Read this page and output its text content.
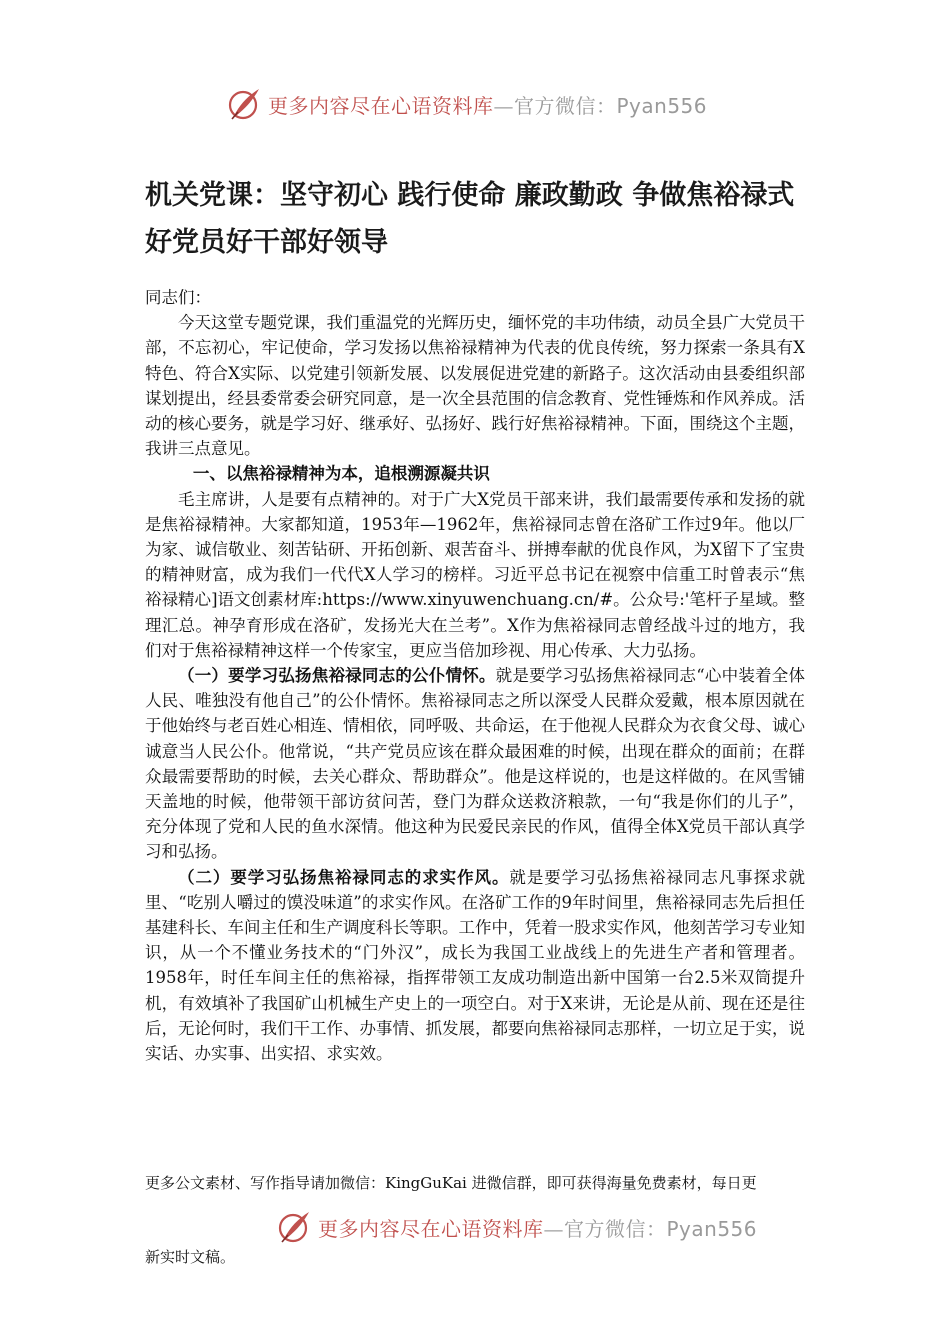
更多内容尽在心语资料库—官方微信：Pyan556
机关党课：坚守初心 践行使命 廉政勤政 争做焦裕禄式好党员好干部好领导

同志们：

今天这堂专题党课，我们重温党的光辉历史，缅怀党的丰功伟绩，动员全县广大党员干部，不忘初心，牢记使命，学习发扬以焦裕禄精神为代表的优良传统，努力探索一条具有X特色、符合X实际、以党建引领新发展、以发展促进党建的新路子。这次活动由县委组织部谋划提出，经县委常委会研究同意，是一次全县范围的信念教育、党性锤炼和作风养成。活动的核心要务，就是学习好、继承好、弘扬好、践行好焦裕禄精神。下面，围绕这个主题，我讲三点意见。

一、以焦裕禄精神为本，追根溯源凝共识

毛主席讲，人是要有点精神的。对于广大X党员干部来讲，我们最需要传承和发扬的就是焦裕禄精神。大家都知道，1953年—1962年，焦裕禄同志曾在洛矿工作过9年。他以厂为家、诚信敬业、刻苦钻研、开拓创新、艰苦奋斗、拼搏奉献的优良作风，为X留下了宝贵的精神财富，成为我们一代代X人学习的榜样。习近平总书记在视察中信重工时曾表示“焦裕禄精心]语文创素材库:https://www.xinyuwenchuang.cn/#。公众号:'笔杆子星域。整理汇总。神孕育形成在洛矿，发扬光大在兰考”。X作为焦裕禄同志曾经战斗过的地方，我们对于焦裕禄精神这样一个传家宝，更应当倍加珍视、用心传承、大力弘扬。

（一）要学习弘扬焦裕禄同志的公仆情怀。就是要学习弘扬焦裕禄同志“心中装着全体人民、唯独没有他自己”的公仆情怀。焦裕禄同志之所以深受人民群众爱戴，根本原因就在于他始终与老百姓心相连、情相依，同呼吸、共命运，在于他视人民群众为衣食父母、诚心诚意当人民公仆。他常说，“共产党员应该在群众最困难的时候，出现在群众的面前；在群众最需要帮助的时候，去关心群众、帮助群众”。他是这样说的，也是这样做的。在风雪铺天盖地的时候，他带领干部访贫问苦，登门为群众送救济粮款，一句“我是你们的儿子”，充分体现了党和人民的鱼水深情。他这种为民爱民亲民的作风，值得全体X党员干部认真学习和弘扬。

（二）要学习弘扬焦裕禄同志的求实作风。就是要学习弘扬焦裕禄同志凡事探求就里、“吃别人嚼过的馍没味道”的求实作风。在洛矿工作的9年时间里，焦裕禄同志先后担任基建科长、车间主任和生产调度科长等职。工作中，凭着一股求实作风，他刻苦学习专业知识，从一个不懂业务技术的“门外汉”，成长为我国工业战线上的先进生产者和管理者。1958年，时任车间主任的焦裕禄，指挥带领工友成功制造出新中国第一台2.5米双筒提升机，有效填补了我国矿山机械生产史上的一项空白。对于X来讲，无论是从前、现在还是往后，无论何时，我们干工作、办事情、抓发展，都要向焦裕禄同志那样，一切立足于实，说实话、办实事、出实招、求实效。

更多公文素材、写作指导请加微信：KingGuKai 进微信群，即可获得海量免费素材，每日更
更多内容尽在心语资料库—官方微信：Pyan556
新实时文稿。
